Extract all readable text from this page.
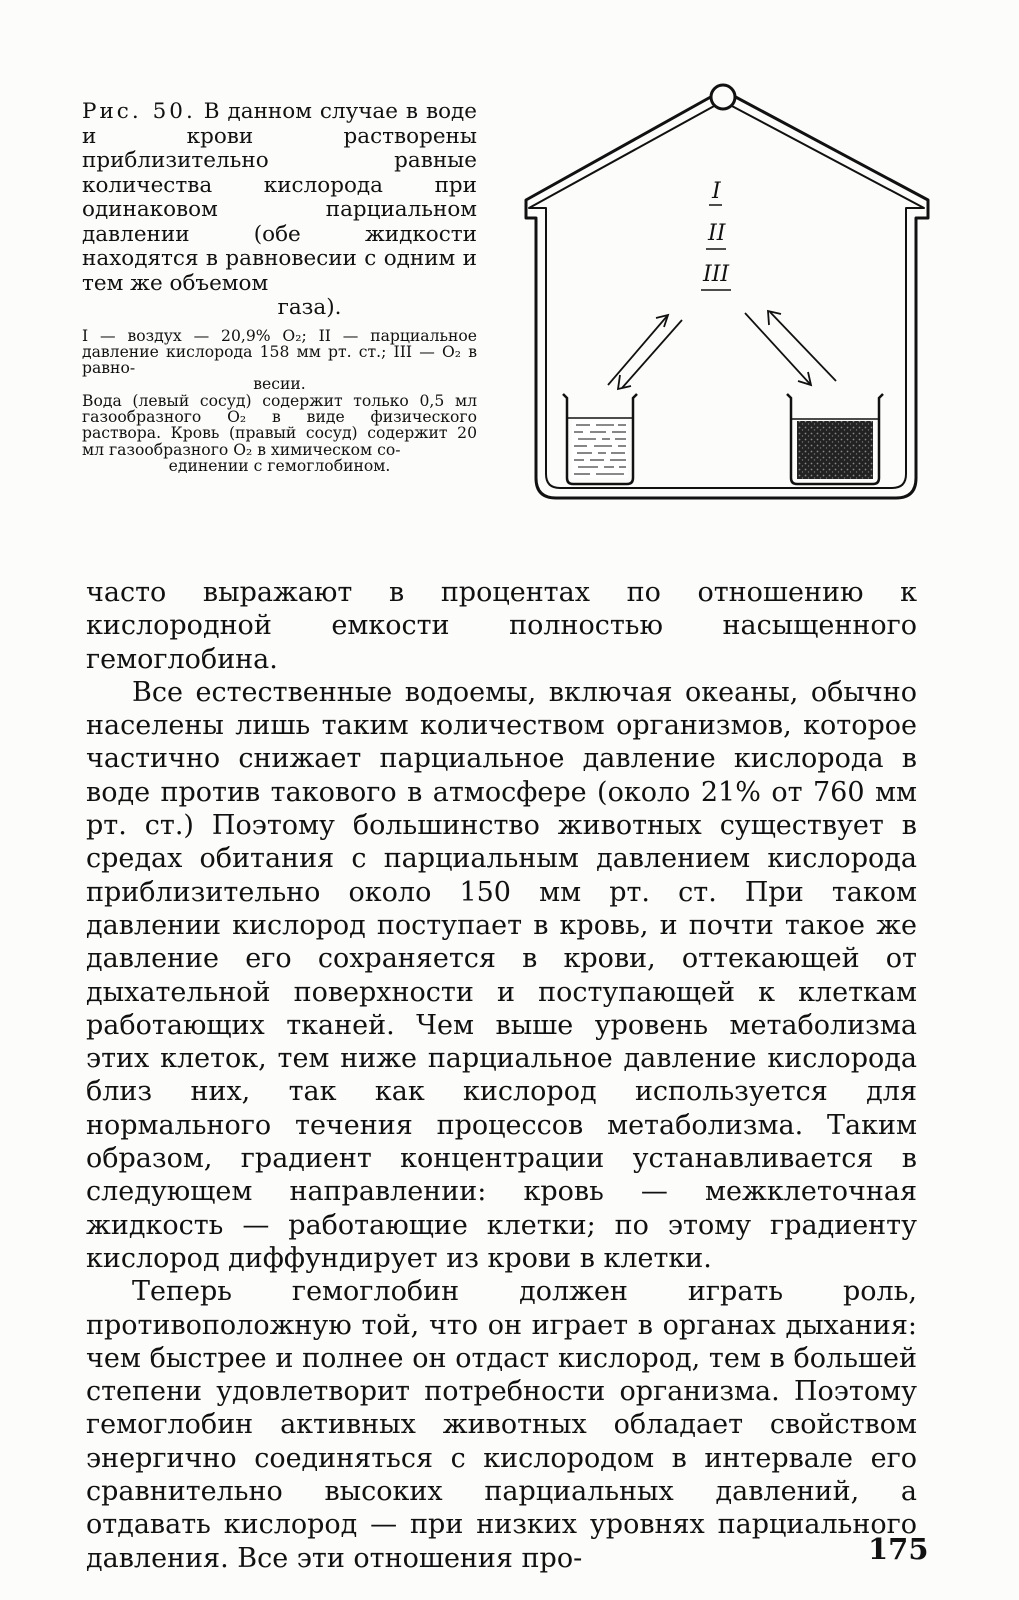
Рис. 50. В данном случае в воде и крови растворены приблизительно равные количества кислорода при одинаковом парциальном давлении (обе жидкости находятся в равновесии с одним и тем же объемом
газа).

I — воздух — 20,9% O₂; II — парциальное давление кислорода 158 мм рт. ст.; III — O₂ в равно-
весии.

Вода (левый сосуд) содержит только 0,5 мл газообразного O₂ в виде физического раствора. Кровь (правый сосуд) содержит 20 мл газообразного O₂ в химическом со-
единении с гемоглобином.

I
II
III

часто выражают в процентах по отношению к кислородной емкости полностью насыщенного гемоглобина.

Все естественные водоемы, включая океаны, обычно населены лишь таким количеством организмов, которое частично снижает парциальное давление кислорода в воде против такового в атмосфере (около 21% от 760 мм рт. ст.) Поэтому большинство животных существует в средах обитания с парциальным давлением кислорода приблизительно около 150 мм рт. ст. При таком давлении кислород поступает в кровь, и почти такое же давление его сохраняется в крови, оттекающей от дыхательной поверхности и поступающей к клеткам работающих тканей. Чем выше уровень метаболизма этих клеток, тем ниже парциальное давление кислорода близ них, так как кислород используется для нормального течения процессов метаболизма. Таким образом, градиент концентрации устанавливается в следующем направлении: кровь — межклеточная жидкость — работающие клетки; по этому градиенту кислород диффундирует из крови в клетки.

Теперь гемоглобин должен играть роль, противоположную той, что он играет в органах дыхания: чем быстрее и полнее он отдаст кислород, тем в большей степени удовлетворит потребности организма. Поэтому гемоглобин активных животных обладает свойством энергично соединяться с кислородом в интервале его сравнительно высоких парциальных давлений, а отдавать кислород — при низких уровнях парциального давления. Все эти отношения про-	175
